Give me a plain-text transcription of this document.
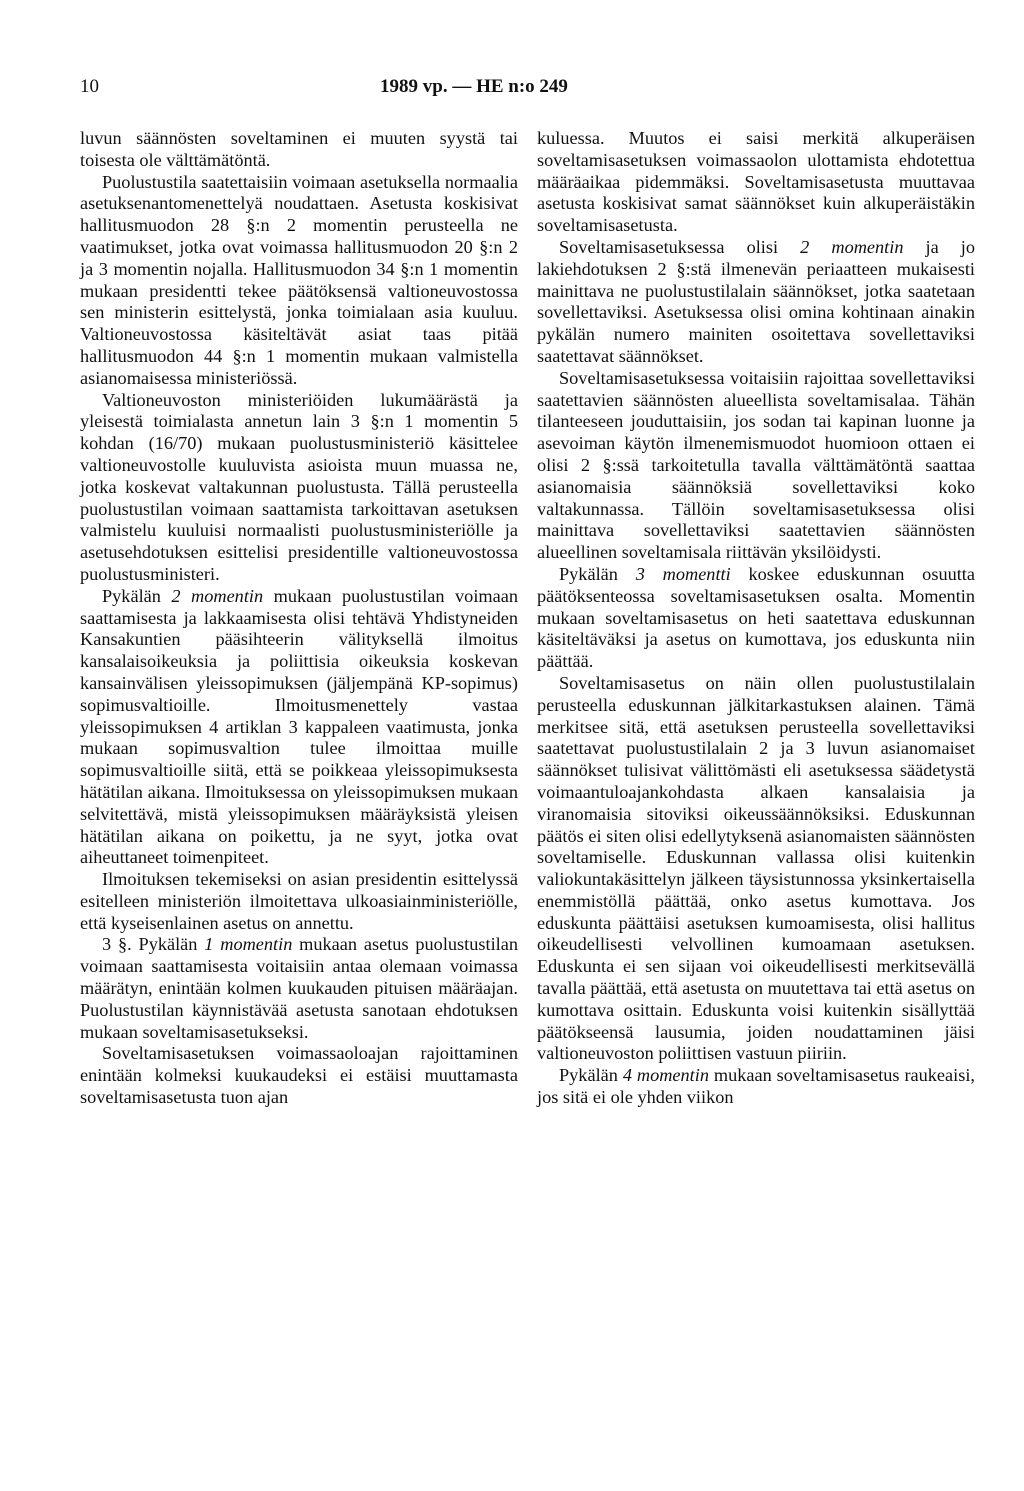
10	1989 vp. — HE n:o 249

luvun säännösten soveltaminen ei muuten syystä tai toisesta ole välttämätöntä.

Puolustustila saatettaisiin voimaan asetuksella normaalia asetuksenantomenettelyä noudattaen. Asetusta koskisivat hallitusmuodon 28 §:n 2 momentin perusteella ne vaatimukset, jotka ovat voimassa hallitusmuodon 20 §:n 2 ja 3 momentin nojalla. Hallitusmuodon 34 §:n 1 momentin mukaan presidentti tekee päätöksensä valtioneuvostossa sen ministerin esittelystä, jonka toimialaan asia kuuluu. Valtioneuvostossa käsiteltävät asiat taas pitää hallitusmuodon 44 §:n 1 momentin mukaan valmistella asianomaisessa ministeriössä.

Valtioneuvoston ministeriöiden lukumäärästä ja yleisestä toimialasta annetun lain 3 §:n 1 momentin 5 kohdan (16/70) mukaan puolustusministeriö käsittelee valtioneuvostolle kuuluvista asioista muun muassa ne, jotka koskevat valtakunnan puolustusta. Tällä perusteella puolustustilan voimaan saattamista tarkoittavan asetuksen valmistelu kuuluisi normaalisti puolustusministeriölle ja asetusehdotuksen esittelisi presidentille valtioneuvostossa puolustusministeri.

Pykälän 2 momentin mukaan puolustustilan voimaan saattamisesta ja lakkaamisesta olisi tehtävä Yhdistyneiden Kansakuntien pääsihteerin välityksellä ilmoitus kansalaisoikeuksia ja poliittisia oikeuksia koskevan kansainvälisen yleissopimuksen (jäljempänä KP-sopimus) sopimusvaltioille. Ilmoitusmenettely vastaa yleissopimuksen 4 artiklan 3 kappaleen vaatimusta, jonka mukaan sopimusvaltion tulee ilmoittaa muille sopimusvaltioille siitä, että se poikkeaa yleissopimuksesta hätätilan aikana. Ilmoituksessa on yleissopimuksen mukaan selvitettävä, mistä yleissopimuksen määräyksistä yleisen hätätilan aikana on poikettu, ja ne syyt, jotka ovat aiheuttaneet toimenpiteet.

Ilmoituksen tekemiseksi on asian presidentin esittelyssä esitelleen ministeriön ilmoitettava ulkoasiainministeriölle, että kyseisenlainen asetus on annettu.

3 §. Pykälän 1 momentin mukaan asetus puolustustilan voimaan saattamisesta voitaisiin antaa olemaan voimassa määrätyn, enintään kolmen kuukauden pituisen määräajan. Puolustustilan käynnistävää asetusta sanotaan ehdotuksen mukaan soveltamisasetukseksi.

Soveltamisasetuksen voimassaoloajan rajoittaminen enintään kolmeksi kuukaudeksi ei estäisi muuttamasta soveltamisasetusta tuon ajan

kuluessa. Muutos ei saisi merkitä alkuperäisen soveltamisasetuksen voimassaolon ulottamista ehdotettua määräaikaa pidemmäksi. Soveltamisasetusta muuttavaa asetusta koskisivat samat säännökset kuin alkuperäistäkin soveltamisasetusta.

Soveltamisasetuksessa olisi 2 momentin ja jo lakiehdotuksen 2 §:stä ilmenevän periaatteen mukaisesti mainittava ne puolustustilalain säännökset, jotka saatetaan sovellettaviksi. Asetuksessa olisi omina kohtinaan ainakin pykälän numero mainiten osoitettava sovellettaviksi saatettavat säännökset.

Soveltamisasetuksessa voitaisiin rajoittaa sovellettaviksi saatettavien säännösten alueellista soveltamisalaa. Tähän tilanteeseen jouduttaisiin, jos sodan tai kapinan luonne ja asevoiman käytön ilmenemismuodot huomioon ottaen ei olisi 2 §:ssä tarkoitetulla tavalla välttämätöntä saattaa asianomaisia säännöksiä sovellettaviksi koko valtakunnassa. Tällöin soveltamisasetuksessa olisi mainittava sovellettaviksi saatettavien säännösten alueellinen soveltamisala riittävän yksilöidysti.

Pykälän 3 momentti koskee eduskunnan osuutta päätöksenteossa soveltamisasetuksen osalta. Momentin mukaan soveltamisasetus on heti saatettava eduskunnan käsiteltäväksi ja asetus on kumottava, jos eduskunta niin päättää.

Soveltamisasetus on näin ollen puolustustilalain perusteella eduskunnan jälkitarkastuksen alainen. Tämä merkitsee sitä, että asetuksen perusteella sovellettaviksi saatettavat puolustustilalain 2 ja 3 luvun asianomaiset säännökset tulisivat välittömästi eli asetuksessa säädetystä voimaantuloajankohdasta alkaen kansalaisia ja viranomaisia sitoviksi oikeussäännöksiksi. Eduskunnan päätös ei siten olisi edellytyksenä asianomaisten säännösten soveltamiselle. Eduskunnan vallassa olisi kuitenkin valiokuntakäsittelyn jälkeen täysistunnossa yksinkertaisella enemmistöllä päättää, onko asetus kumottava. Jos eduskunta päättäisi asetuksen kumoamisesta, olisi hallitus oikeudellisesti velvollinen kumoamaan asetuksen. Eduskunta ei sen sijaan voi oikeudellisesti merkitsevällä tavalla päättää, että asetusta on muutettava tai että asetus on kumottava osittain. Eduskunta voisi kuitenkin sisällyttää päätökseensä lausumia, joiden noudattaminen jäisi valtioneuvoston poliittisen vastuun piiriin.

Pykälän 4 momentin mukaan soveltamisasetus raukeaisi, jos sitä ei ole yhden viikon
